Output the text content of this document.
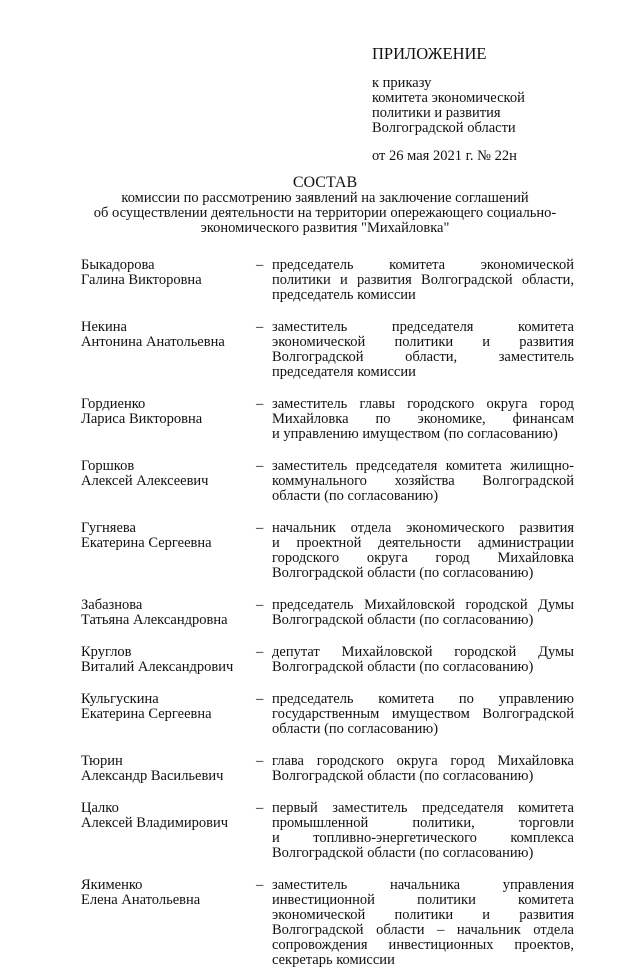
ПРИЛОЖЕНИЕ
к приказу
комитета экономической
политики и развития
Волгоградской области
от 26 мая 2021 г. № 22н
СОСТАВ
комиссии по рассмотрению заявлений на заключение соглашений
об осуществлении деятельности на территории опережающего социально-
экономического развития "Михайловка"
Быкадорова
Галина Викторовна
– председатель комитета экономической
политики и развития Волгоградской области,
председатель комиссии
Некина
Антонина Анатольевна
– заместитель председателя комитета
экономической политики и развития
Волгоградской области, заместитель
председателя комиссии
Гордиенко
Лариса Викторовна
– заместитель главы городского округа город
Михайловка по экономике, финансам
и управлению имуществом (по согласованию)
Горшков
Алексей Алексеевич
– заместитель председателя комитета жилищно-
коммунального хозяйства Волгоградской
области (по согласованию)
Гугняева
Екатерина Сергеевна
– начальник отдела экономического развития
и проектной деятельности администрации
городского округа город Михайловка
Волгоградской области (по согласованию)
Забазнова
Татьяна Александровна
– председатель Михайловской городской Думы
Волгоградской области (по согласованию)
Круглов
Виталий Александрович
– депутат Михайловской городской Думы
Волгоградской области (по согласованию)
Кульгускина
Екатерина Сергеевна
– председатель комитета по управлению
государственным имуществом Волгоградской
области (по согласованию)
Тюрин
Александр Васильевич
– глава городского округа город Михайловка
Волгоградской области (по согласованию)
Цалко
Алексей Владимирович
– первый заместитель председателя комитета
промышленной политики, торговли
и топливно-энергетического комплекса
Волгоградской области (по согласованию)
Якименко
Елена Анатольевна
– заместитель начальника управления
инвестиционной политики комитета
экономической политики и развития
Волгоградской области – начальник отдела
сопровождения инвестиционных проектов,
секретарь комиссии
